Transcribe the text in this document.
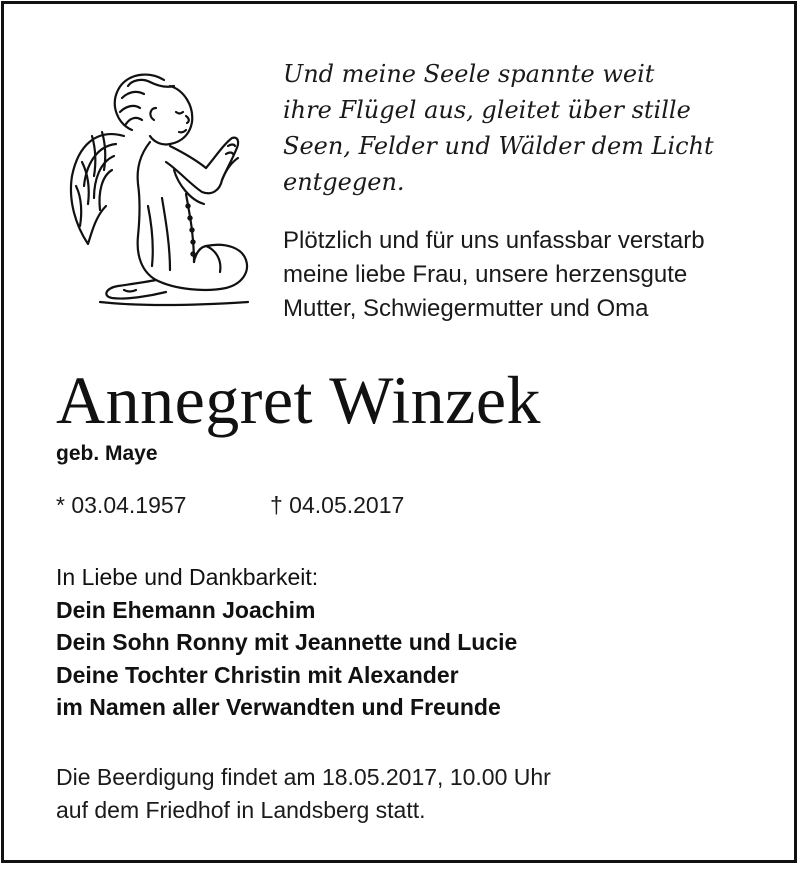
Und meine Seele spannte weit
ihre Flügel aus, gleitet über stille
Seen, Felder und Wälder dem Licht
entgegen.
Plötzlich und für uns unfassbar verstarb
meine liebe Frau, unsere herzensgute
Mutter, Schwiegermutter und Oma
Annegret Winzek
geb. Maye
* 03.04.1957	† 04.05.2017
In Liebe und Dankbarkeit:
Dein Ehemann Joachim
Dein Sohn Ronny mit Jeannette und Lucie
Deine Tochter Christin mit Alexander
im Namen aller Verwandten und Freunde
Die Beerdigung findet am 18.05.2017, 10.00 Uhr
auf dem Friedhof in Landsberg statt.
